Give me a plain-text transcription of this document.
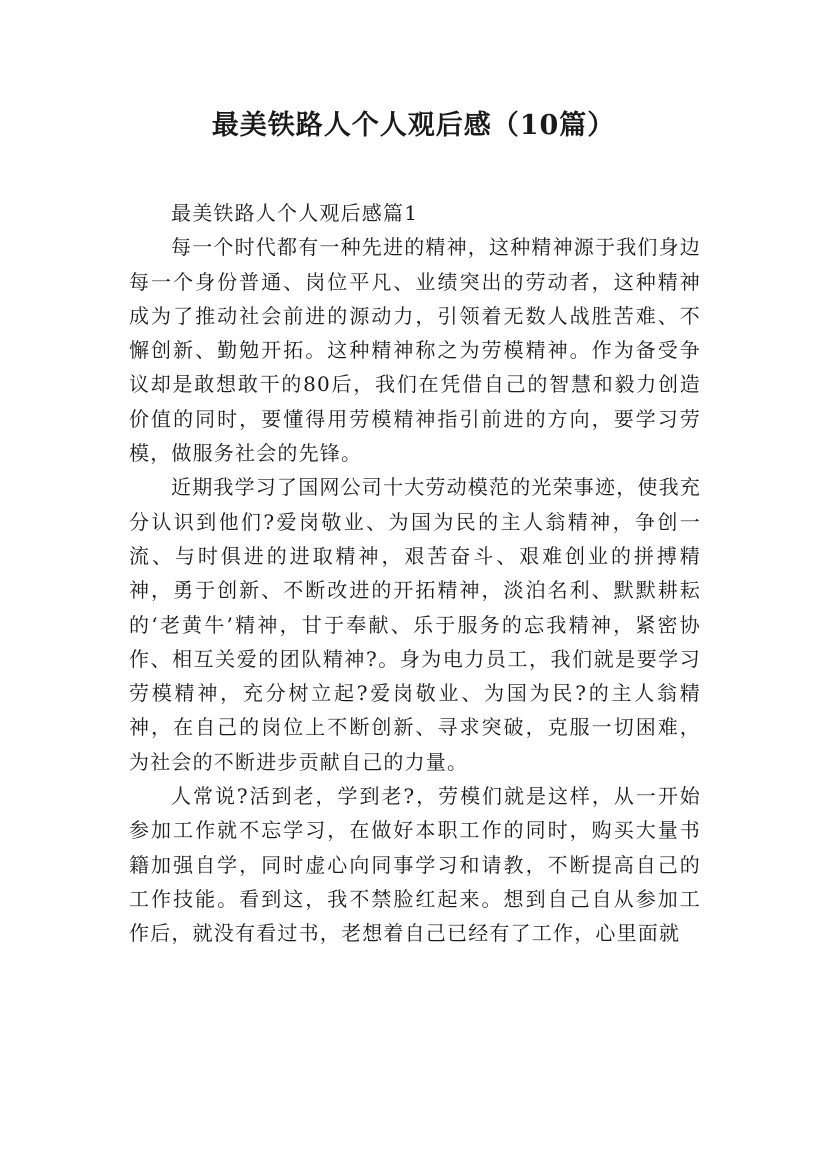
最美铁路人个人观后感（10篇）

最美铁路人个人观后感篇1

每一个时代都有一种先进的精神，这种精神源于我们身边每一个身份普通、岗位平凡、业绩突出的劳动者，这种精神成为了推动社会前进的源动力，引领着无数人战胜苦难、不懈创新、勤勉开拓。这种精神称之为劳模精神。作为备受争议却是敢想敢干的80后，我们在凭借自己的智慧和毅力创造价值的同时，要懂得用劳模精神指引前进的方向，要学习劳模，做服务社会的先锋。

近期我学习了国网公司十大劳动模范的光荣事迹，使我充分认识到他们?爱岗敬业、为国为民的主人翁精神，争创一流、与时俱进的进取精神，艰苦奋斗、艰难创业的拼搏精神，勇于创新、不断改进的开拓精神，淡泊名利、默默耕耘的‘老黄牛’精神，甘于奉献、乐于服务的忘我精神，紧密协作、相互关爱的团队精神?。身为电力员工，我们就是要学习劳模精神，充分树立起?爱岗敬业、为国为民?的主人翁精神，在自己的岗位上不断创新、寻求突破，克服一切困难，为社会的不断进步贡献自己的力量。

人常说?活到老，学到老?，劳模们就是这样，从一开始参加工作就不忘学习，在做好本职工作的同时，购买大量书籍加强自学，同时虚心向同事学习和请教，不断提高自己的工作技能。看到这，我不禁脸红起来。想到自己自从参加工作后，就没有看过书，老想着自己已经有了工作，心里面就
